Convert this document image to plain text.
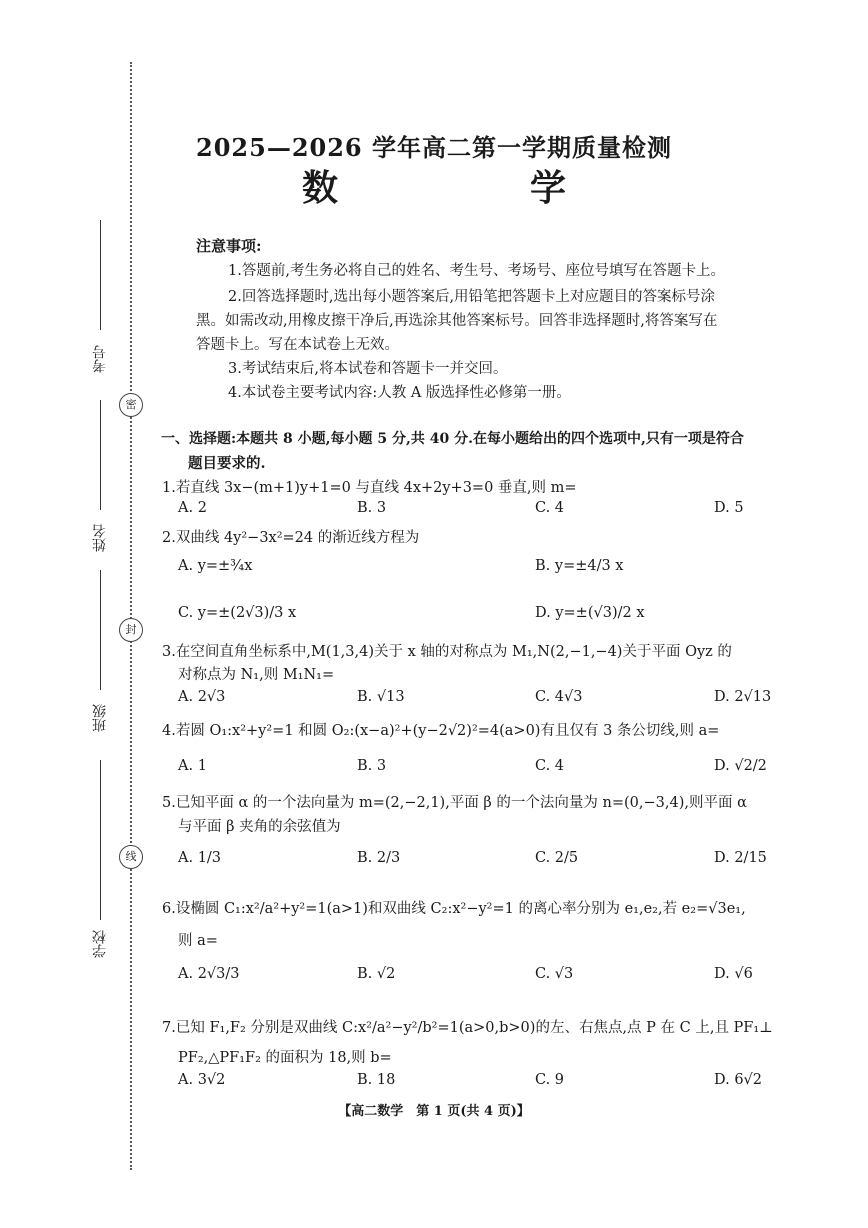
密
封
线
考号
姓名
班级
学校
2025—2026 学年高二第一学期质量检测
数　　学
注意事项:
1.答题前,考生务必将自己的姓名、考生号、考场号、座位号填写在答题卡上。
2.回答选择题时,选出每小题答案后,用铅笔把答题卡上对应题目的答案标号涂
黑。如需改动,用橡皮擦干净后,再选涂其他答案标号。回答非选择题时,将答案写在
答题卡上。写在本试卷上无效。
3.考试结束后,将本试卷和答题卡一并交回。
4.本试卷主要考试内容:人教 A 版选择性必修第一册。
一、选择题:本题共 8 小题,每小题 5 分,共 40 分.在每小题给出的四个选项中,只有一项是符合
题目要求的.
1.若直线 3x−(m+1)y+1=0 与直线 4x+2y+3=0 垂直,则 m=
A. 2	B. 3	C. 4	D. 5
2.双曲线 4y²−3x²=24 的渐近线方程为
A. y=±¾x	B. y=±4/3 x
C. y=±(2√3)/3 x	D. y=±(√3)/2 x
3.在空间直角坐标系中,M(1,3,4)关于 x 轴的对称点为 M₁,N(2,−1,−4)关于平面 Oyz 的
对称点为 N₁,则 M₁N₁=
A. 2√3	B. √13	C. 4√3	D. 2√13
4.若圆 O₁:x²+y²=1 和圆 O₂:(x−a)²+(y−2√2)²=4(a>0)有且仅有 3 条公切线,则 a=
A. 1	B. 3	C. 4	D. √2/2
5.已知平面 α 的一个法向量为 m=(2,−2,1),平面 β 的一个法向量为 n=(0,−3,4),则平面 α
与平面 β 夹角的余弦值为
A. 1/3	B. 2/3	C. 2/5	D. 2/15
6.设椭圆 C₁:x²/a²+y²=1(a>1)和双曲线 C₂:x²−y²=1 的离心率分别为 e₁,e₂,若 e₂=√3e₁,
则 a=
A. 2√3/3	B. √2	C. √3	D. √6
7.已知 F₁,F₂ 分别是双曲线 C:x²/a²−y²/b²=1(a>0,b>0)的左、右焦点,点 P 在 C 上,且 PF₁⊥
PF₂,△PF₁F₂ 的面积为 18,则 b=
A. 3√2	B. 18	C. 9	D. 6√2
【高二数学　第 1 页(共 4 页)】
